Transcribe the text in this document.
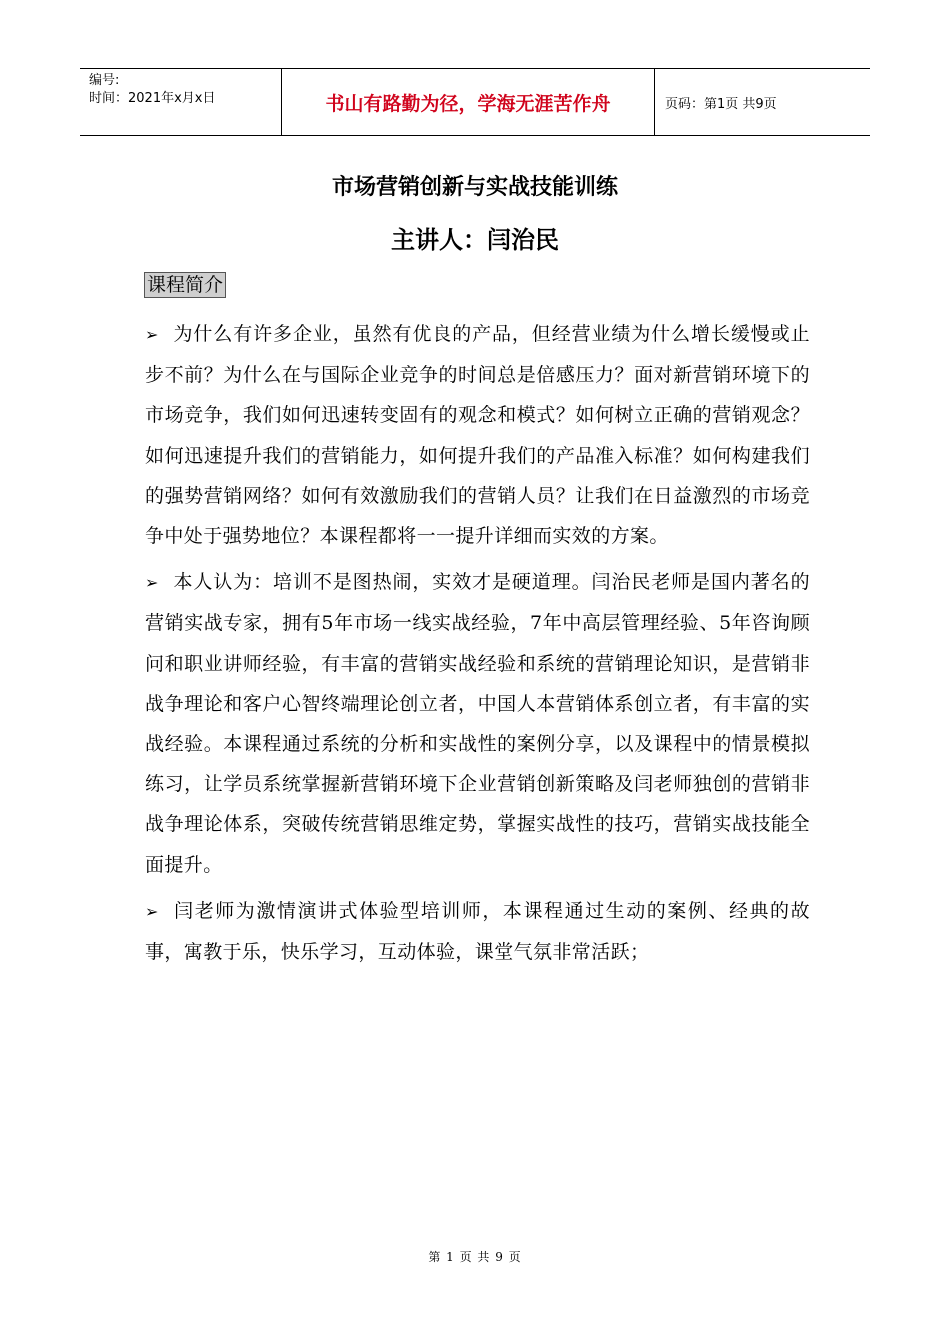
编号:
时间：2021年x月x日	书山有路勤为径，学海无涯苦作舟	页码：第1页 共9页
市场营销创新与实战技能训练
主讲人：闫治民
课程简介

➢ 为什么有许多企业，虽然有优良的产品，但经营业绩为什么增长缓慢或止步不前？为什么在与国际企业竞争的时间总是倍感压力？面对新营销环境下的市场竞争，我们如何迅速转变固有的观念和模式？如何树立正确的营销观念？如何迅速提升我们的营销能力，如何提升我们的产品准入标准？如何构建我们的强势营销网络？如何有效激励我们的营销人员？让我们在日益激烈的市场竞争中处于强势地位？本课程都将一一提升详细而实效的方案。

➢ 本人认为：培训不是图热闹，实效才是硬道理。闫治民老师是国内著名的营销实战专家，拥有5年市场一线实战经验，7年中高层管理经验、5年咨询顾问和职业讲师经验，有丰富的营销实战经验和系统的营销理论知识，是营销非战争理论和客户心智终端理论创立者，中国人本营销体系创立者，有丰富的实战经验。本课程通过系统的分析和实战性的案例分享，以及课程中的情景模拟练习，让学员系统掌握新营销环境下企业营销创新策略及闫老师独创的营销非战争理论体系，突破传统营销思维定势，掌握实战性的技巧，营销实战技能全面提升。

➢ 闫老师为激情演讲式体验型培训师，本课程通过生动的案例、经典的故事，寓教于乐，快乐学习，互动体验，课堂气氛非常活跃；

第 1 页 共 9 页
